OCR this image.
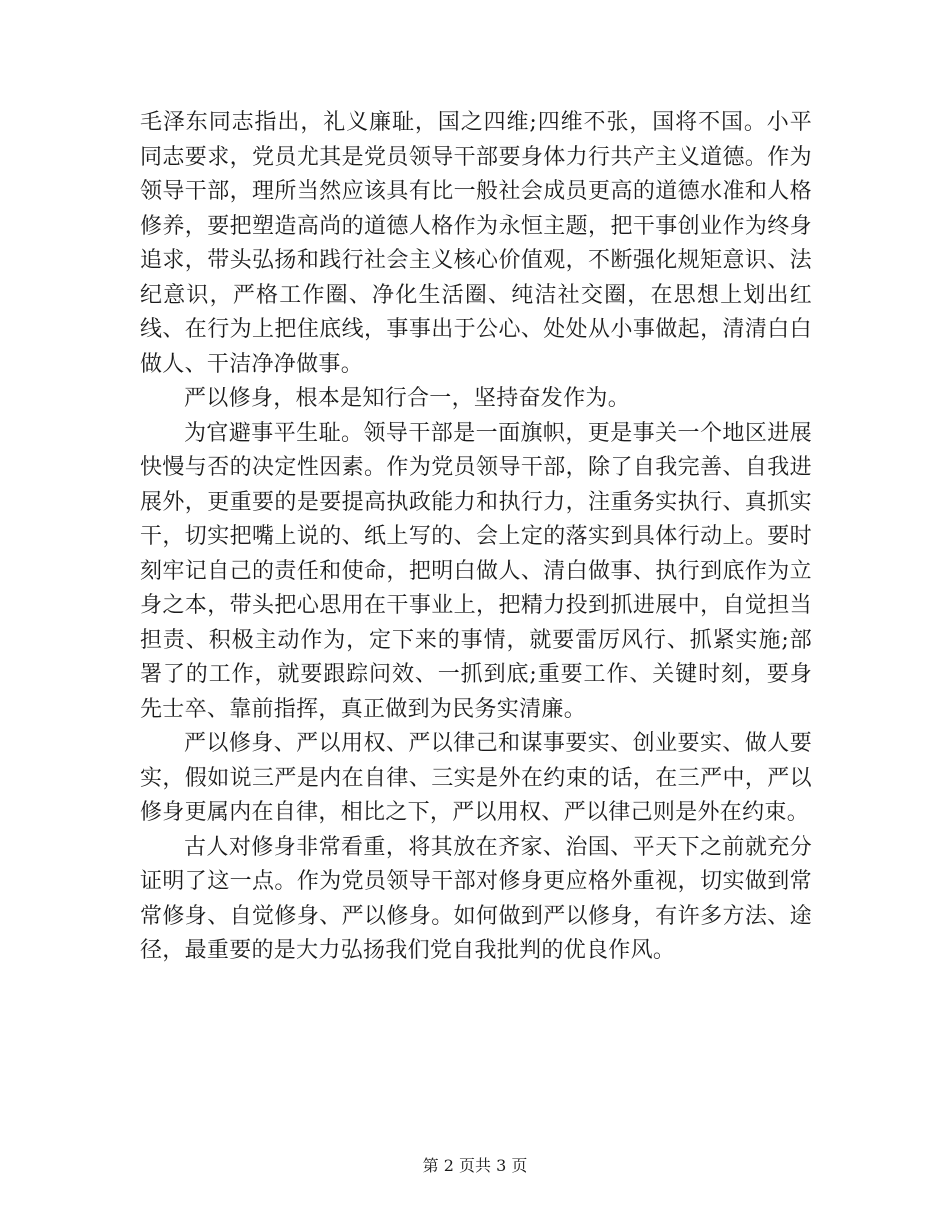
毛泽东同志指出，礼义廉耻，国之四维;四维不张，国将不国。小平同志要求，党员尤其是党员领导干部要身体力行共产主义道德。作为领导干部，理所当然应该具有比一般社会成员更高的道德水准和人格修养，要把塑造高尚的道德人格作为永恒主题，把干事创业作为终身追求，带头弘扬和践行社会主义核心价值观，不断强化规矩意识、法纪意识，严格工作圈、净化生活圈、纯洁社交圈，在思想上划出红线、在行为上把住底线，事事出于公心、处处从小事做起，清清白白做人、干洁净净做事。

严以修身，根本是知行合一，坚持奋发作为。

为官避事平生耻。领导干部是一面旗帜，更是事关一个地区进展快慢与否的决定性因素。作为党员领导干部，除了自我完善、自我进展外，更重要的是要提高执政能力和执行力，注重务实执行、真抓实干，切实把嘴上说的、纸上写的、会上定的落实到具体行动上。要时刻牢记自己的责任和使命，把明白做人、清白做事、执行到底作为立身之本，带头把心思用在干事业上，把精力投到抓进展中，自觉担当担责、积极主动作为，定下来的事情，就要雷厉风行、抓紧实施;部署了的工作，就要跟踪问效、一抓到底;重要工作、关键时刻，要身先士卒、靠前指挥，真正做到为民务实清廉。

严以修身、严以用权、严以律己和谋事要实、创业要实、做人要实，假如说三严是内在自律、三实是外在约束的话，在三严中，严以修身更属内在自律，相比之下，严以用权、严以律己则是外在约束。

古人对修身非常看重，将其放在齐家、治国、平天下之前就充分证明了这一点。作为党员领导干部对修身更应格外重视，切实做到常常修身、自觉修身、严以修身。如何做到严以修身，有许多方法、途径，最重要的是大力弘扬我们党自我批判的优良作风。

第 2 页共 3 页
